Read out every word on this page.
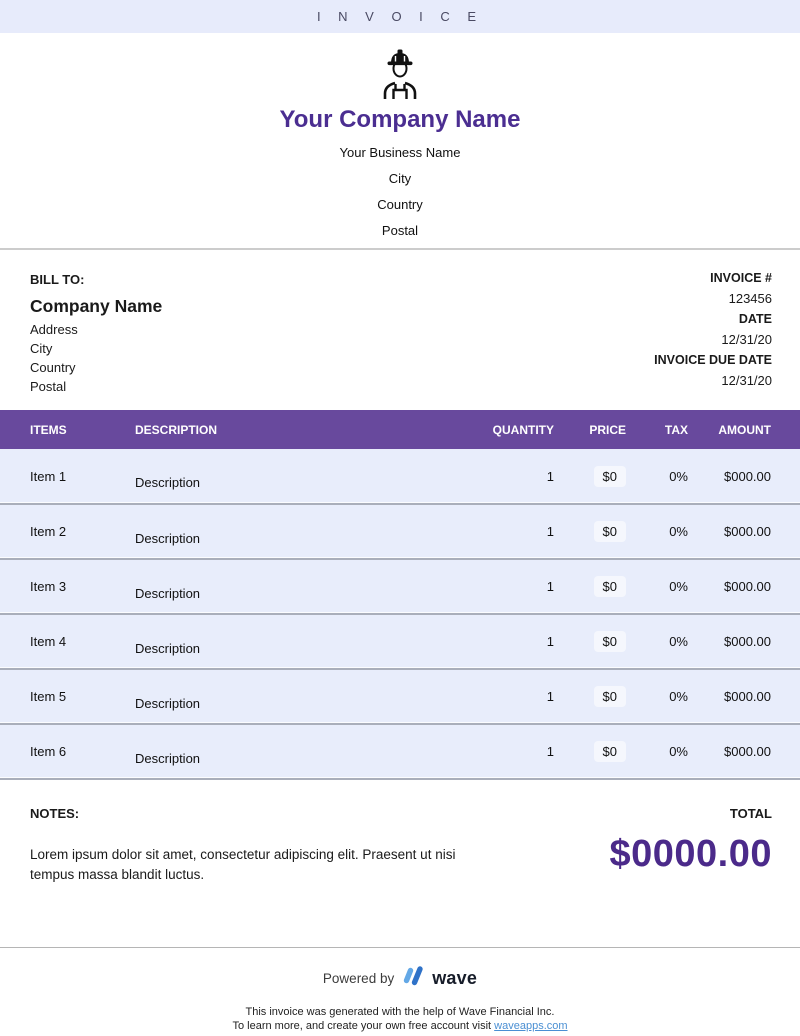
I N V O I C E
Your Company Name
Your Business Name
City
Country
Postal
BILL TO:
Company Name
Address
City
Country
Postal
INVOICE #
123456
DATE
12/31/20
INVOICE DUE DATE
12/31/20
ITEMS	DESCRIPTION	QUANTITY	PRICE	TAX	AMOUNT
Item 1	Description	1	$0	0%	$000.00
Item 2	Description	1	$0	0%	$000.00
Item 3	Description	1	$0	0%	$000.00
Item 4	Description	1	$0	0%	$000.00
Item 5	Description	1	$0	0%	$000.00
Item 6	Description	1	$0	0%	$000.00
NOTES:
Lorem ipsum dolor sit amet, consectetur adipiscing elit. Praesent ut nisi tempus massa blandit luctus.
TOTAL
$0000.00
Powered by wave
This invoice was generated with the help of Wave Financial Inc.
To learn more, and create your own free account visit waveapps.com
